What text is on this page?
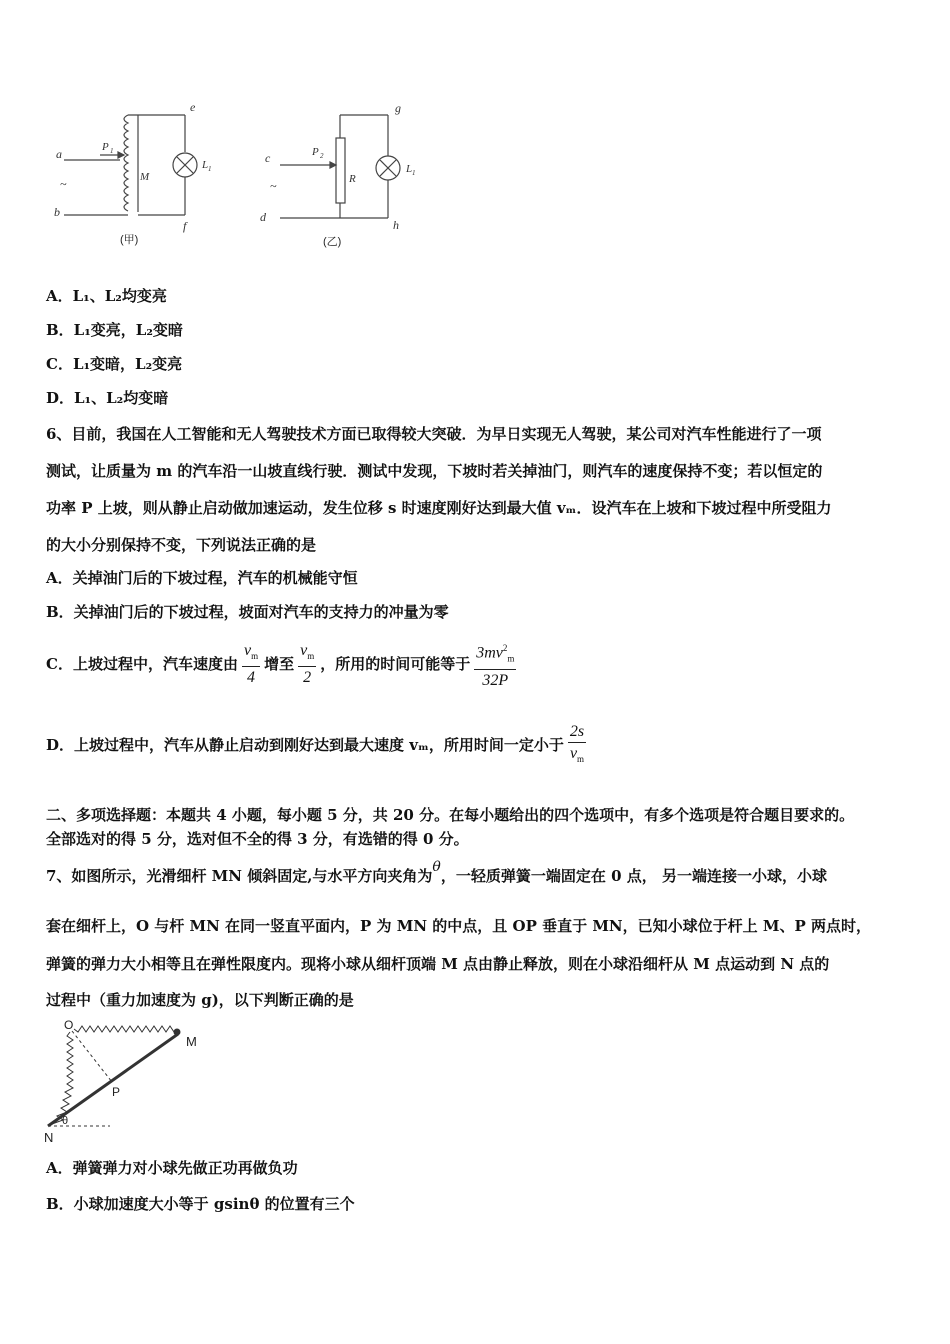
a
~
b
P 1
M
e
f
L 1
(甲)
c
~
d
P 2
R
g
h
L 1
(乙)
A．L₁、L₂均变亮
B．L₁变亮，L₂变暗
C．L₁变暗，L₂变亮
D．L₁、L₂均变暗
6、目前，我国在人工智能和无人驾驶技术方面已取得较大突破．为早日实现无人驾驶，某公司对汽车性能进行了一项
测试，让质量为 m 的汽车沿一山坡直线行驶．测试中发现，下坡时若关掉油门，则汽车的速度保持不变；若以恒定的
功率 P 上坡，则从静止启动做加速运动，发生位移 s 时速度刚好达到最大值 vₘ．设汽车在上坡和下坡过程中所受阻力
的大小分别保持不变，下列说法正确的是
A．关掉油门后的下坡过程，汽车的机械能守恒
B．关掉油门后的下坡过程，坡面对汽车的支持力的冲量为零
C．上坡过程中，汽车速度由 $\frac{v_m}{4}$ 增至 $\frac{v_m}{2}$ ，所用的时间可能等于 $\frac{3mv^2_m}{32P}$
D．上坡过程中，汽车从静止启动到刚好达到最大速度 vₘ，所用时间一定小于 $\frac{2s}{v_m}$
二、多项选择题：本题共 4 小题，每小题 5 分，共 20 分。在每小题给出的四个选项中，有多个选项是符合题目要求的。
全部选对的得 5 分，选对但不全的得 3 分，有选错的得 0 分。
7、如图所示，光滑细杆 MN 倾斜固定,与水平方向夹角为θ，一轻质弹簧一端固定在 0 点， 另一端连接一小球，小球
套在细杆上，O 与杆 MN 在同一竖直平面内，P 为 MN 的中点，且 OP 垂直于 MN，已知小球位于杆上 M、P 两点时，
弹簧的弹力大小相等且在弹性限度内。现将小球从细杆顶端 M 点由静止释放，则在小球沿细杆从 M 点运动到 N 点的
过程中（重力加速度为 g)，以下判断正确的是
O
M
P
N
θ
A．弹簧弹力对小球先做正功再做负功
B．小球加速度大小等于 gsinθ 的位置有三个
